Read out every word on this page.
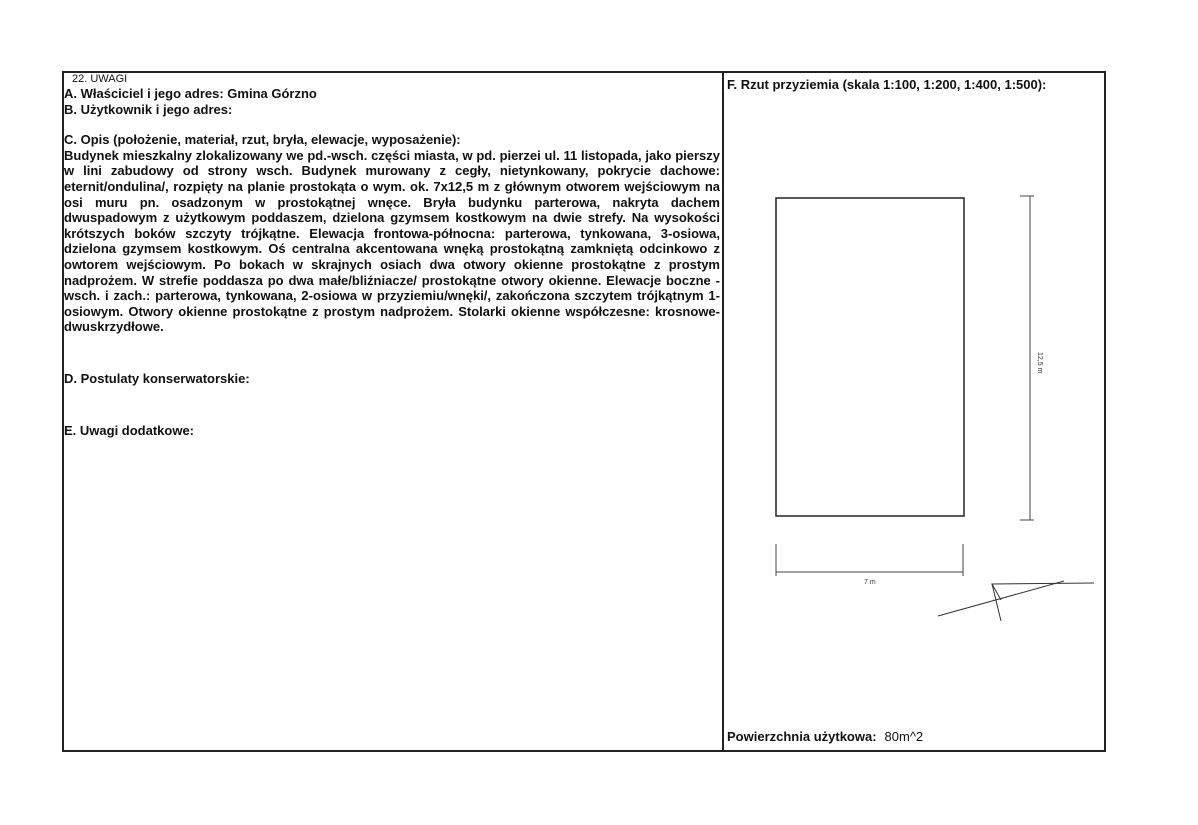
22. UWAGI

A. Właściciel i jego adres: Gmina Górzno

B. Użytkownik i jego adres:

C. Opis (położenie, materiał, rzut, bryła, elewacje, wyposażenie):

Budynek mieszkalny zlokalizowany we pd.-wsch. części miasta, w pd. pierzei ul. 11 listopada, jako pierszy w lini zabudowy od strony wsch. Budynek murowany z cegły, nietynkowany, pokrycie dachowe: eternit/ondulina/, rozpięty na planie prostokąta o wym. ok. 7x12,5 m z głównym otworem wejściowym na osi muru pn. osadzonym w prostokątnej wnęce. Bryła budynku parterowa, nakryta dachem dwuspadowym z użytkowym poddaszem, dzielona gzymsem kostkowym na dwie strefy. Na wysokości krótszych boków szczyty trójkątne. Elewacja frontowa-północna: parterowa, tynkowana, 3-osiowa, dzielona gzymsem kostkowym. Oś centralna akcentowana wnęką prostokątną zamkniętą odcinkowo z owtorem wejściowym. Po bokach w skrajnych osiach dwa otwory okienne prostokątne z prostym nadprożem. W strefie poddasza po dwa małe/bliźniacze/ prostokątne otwory okienne. Elewacje boczne - wsch. i zach.: parterowa, tynkowana, 2-osiowa w przyziemiu/wnęki/, zakończona szczytem trójkątnym 1-osiowym. Otwory okienne prostokątne z prostym nadprożem. Stolarki okienne współczesne: krosnowe-dwuskrzydłowe.

D. Postulaty konserwatorskie:

E. Uwagi dodatkowe:

F. Rzut przyziemia (skala 1:100, 1:200, 1:400, 1:500):
12,5 m
7 m
Powierzchnia użytkowa: 80m^2
